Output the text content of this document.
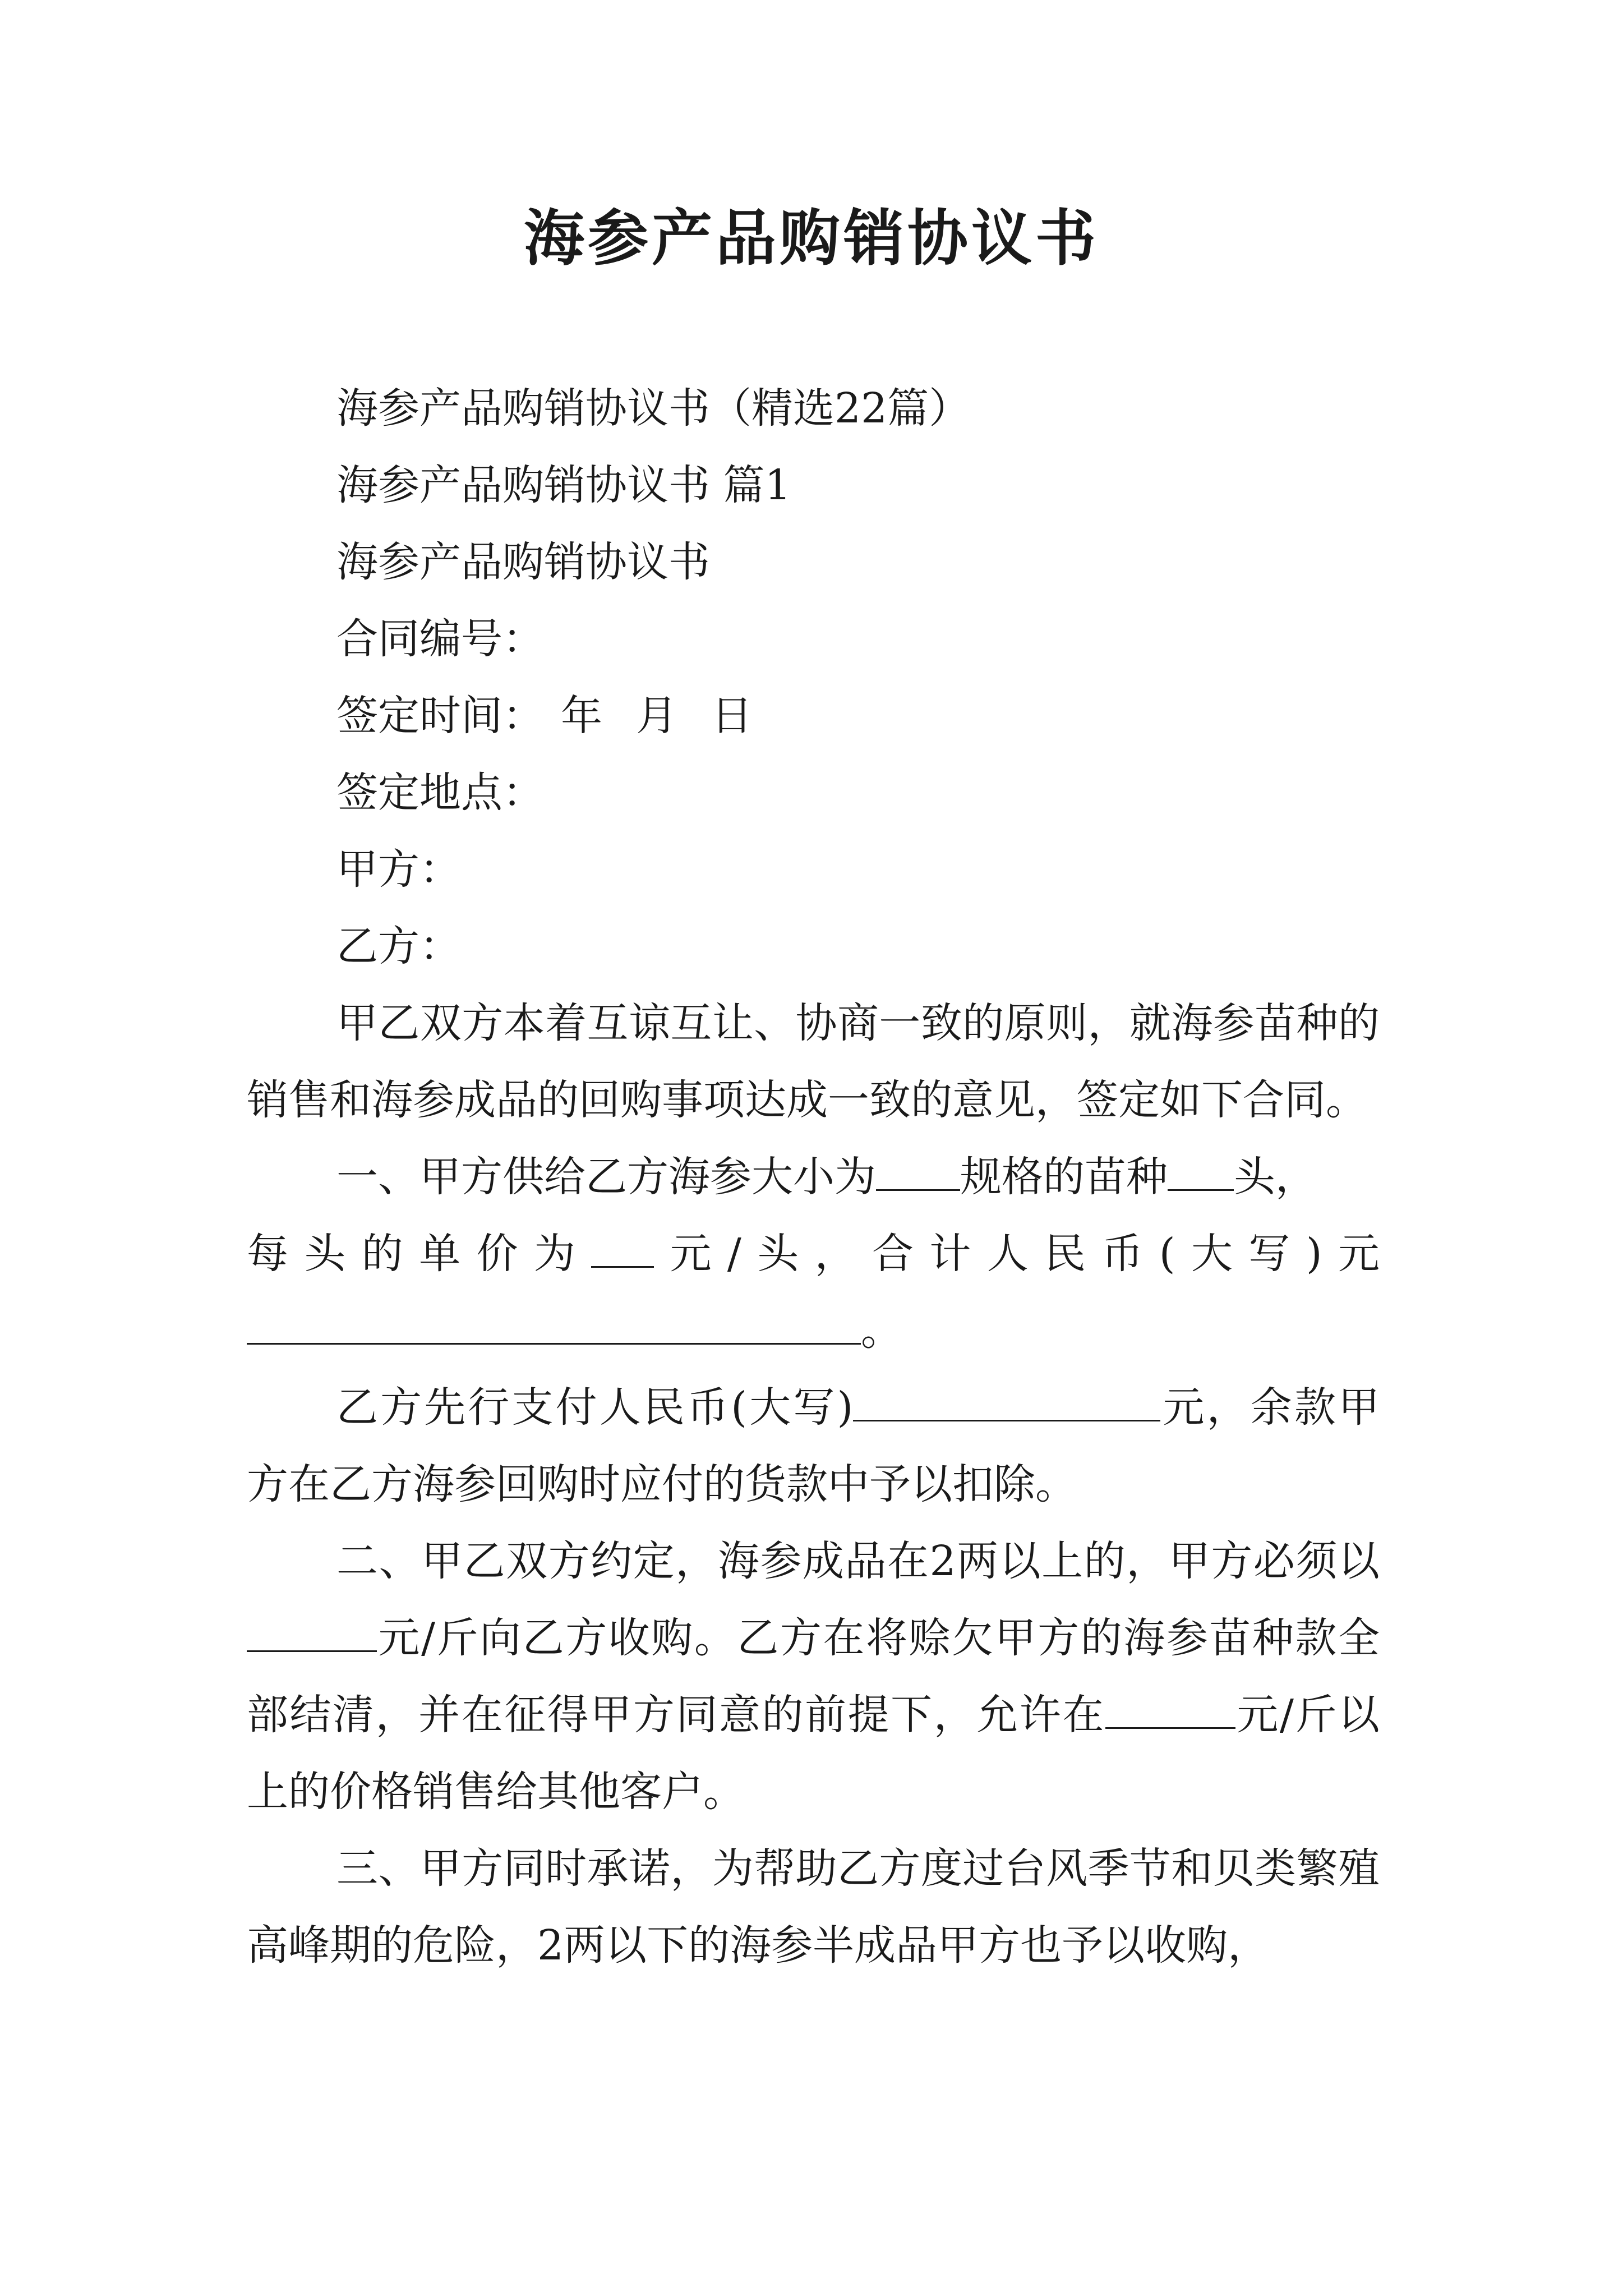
海参产品购销协议书
海参产品购销协议书（精选22篇）
海参产品购销协议书 篇1
海参产品购销协议书
合同编号：
签定时间： 年 月 日
签定地点：
甲方：
乙方：
甲乙双方本着互谅互让、协商一致的原则，就海参苗种的销售和海参成品的回购事项达成一致的意见，签定如下合同。
一、甲方供给乙方海参大小为 规格的苗种 头，
每头的单价为 元/头，合计人民币(大写)元
。
乙方先行支付人民币(大写)	元，余款甲方在乙方海参回购时应付的货款中予以扣除。
二、甲乙双方约定，海参成品在2两以上的，甲方必须以元/斤向乙方收购。乙方在将赊欠甲方的海参苗种款全部结清，并在征得甲方同意的前提下，允许在	元/斤以上的价格销售给其他客户。
三、甲方同时承诺，为帮助乙方度过台风季节和贝类繁殖高峰期的危险，2两以下的海参半成品甲方也予以收购，
